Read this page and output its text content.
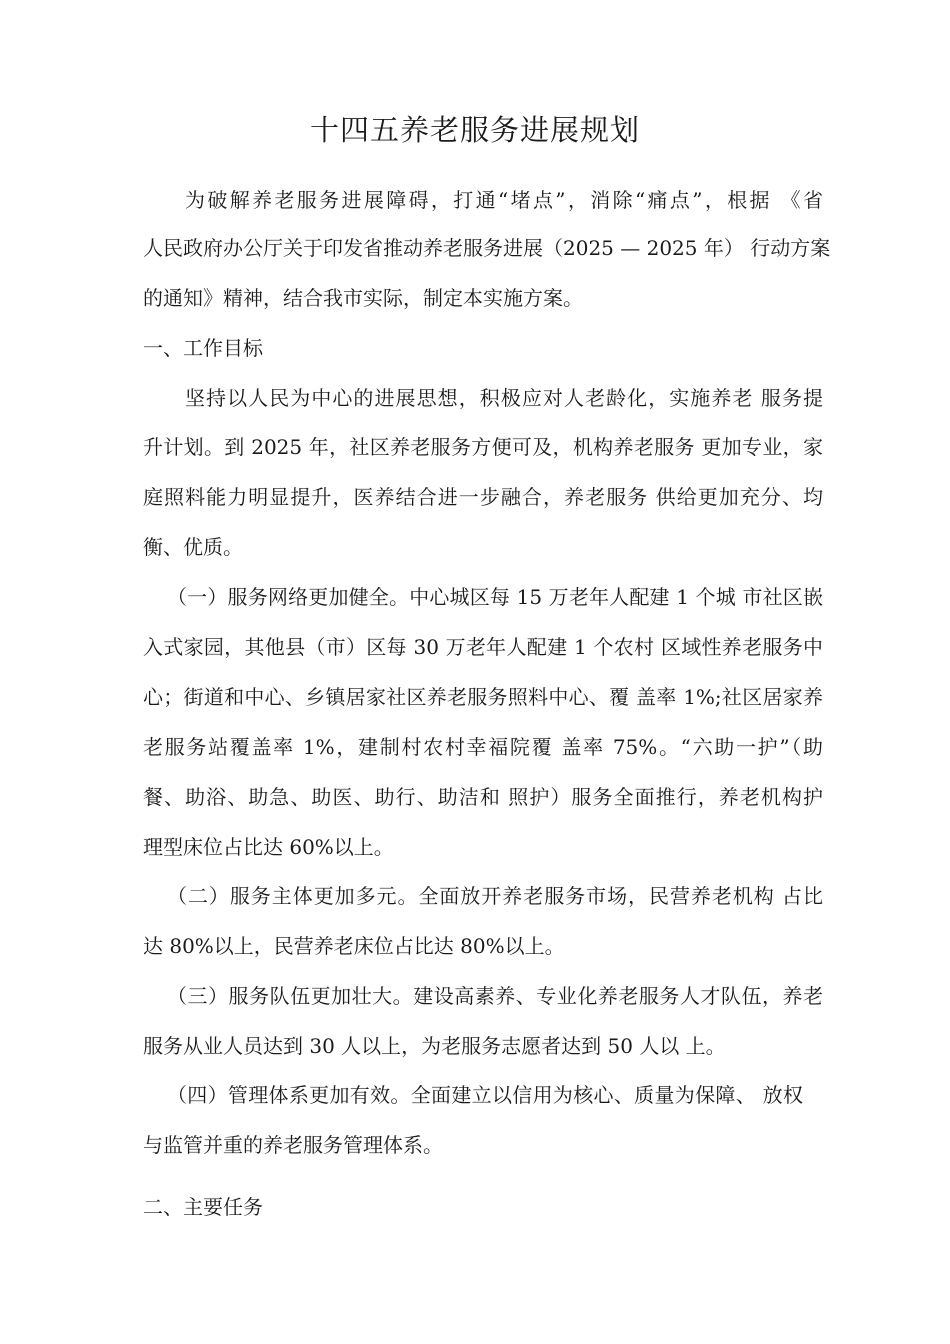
十四五养老服务进展规划
为破解养老服务进展障碍，打通“堵点”，消除“痛点”，根据 《省
人民政府办公厅关于印发省推动养老服务进展（2025 — 2025 年） 行动方案
的通知》精神，结合我市实际，制定本实施方案。
一、工作目标
坚持以人民为中心的进展思想，积极应对人老龄化，实施养老 服务提
升计划。到 2025 年，社区养老服务方便可及，机构养老服务 更加专业，家
庭照料能力明显提升，医养结合进一步融合，养老服务 供给更加充分、均
衡、优质。
（一）服务网络更加健全。中心城区每 15 万老年人配建 1 个城 市社区嵌
入式家园，其他县（市）区每 30 万老年人配建 1 个农村 区域性养老服务中
心；街道和中心、乡镇居家社区养老服务照料中心、覆 盖率 1%;社区居家养
老服务站覆盖率 1%，建制村农村幸福院覆 盖率 75%。“六助一护”（助
餐、助浴、助急、助医、助行、助洁和 照护）服务全面推行，养老机构护
理型床位占比达 60%以上。
（二）服务主体更加多元。全面放开养老服务市场，民营养老机构 占比
达 80%以上，民营养老床位占比达 80%以上。
（三）服务队伍更加壮大。建设高素养、专业化养老服务人才队伍，养老
服务从业人员达到 30 人以上，为老服务志愿者达到 50 人以 上。
（四）管理体系更加有效。全面建立以信用为核心、质量为保障、 放权
与监管并重的养老服务管理体系。
二、主要任务
